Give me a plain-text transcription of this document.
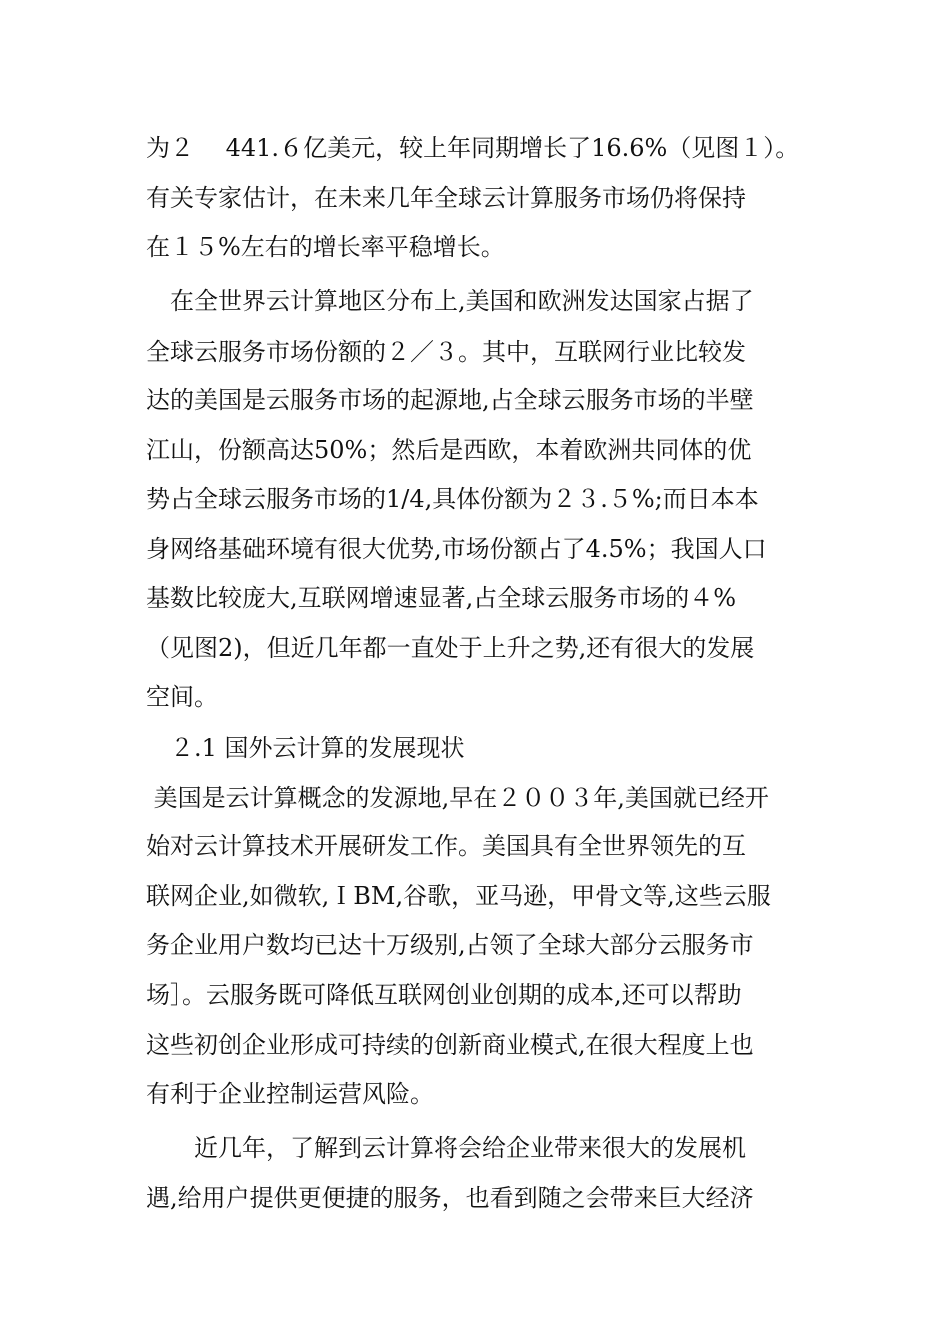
为２　 441.６亿美元，较上年同期增长了16.6%（见图１）。
有关专家估计，在未来几年全球云计算服务市场仍将保持
在１５%左右的增长率平稳增长。
　在全世界云计算地区分布上,美国和欧洲发达国家占据了
全球云服务市场份额的２／３。其中，互联网行业比较发
达的美国是云服务市场的起源地,占全球云服务市场的半壁
江山，份额高达50%；然后是西欧，本着欧洲共同体的优
势占全球云服务市场的1/4,具体份额为２３.５%;而日本本
身网络基础环境有很大优势,市场份额占了4.5%；我国人口
基数比较庞大,互联网增速显著,占全球云服务市场的４%
（见图2)，但近几年都一直处于上升之势,还有很大的发展
空间。
　２.1 国外云计算的发展现状
美国是云计算概念的发源地,早在２００３年,美国就已经开
始对云计算技术开展研发工作。美国具有全世界领先的互
联网企业,如微软,ＩBM,谷歌，亚马逊，甲骨文等,这些云服
务企业用户数均已达十万级别,占领了全球大部分云服务市
场］。云服务既可降低互联网创业创期的成本,还可以帮助
这些初创企业形成可持续的创新商业模式,在很大程度上也
有利于企业控制运营风险。
　　近几年，了解到云计算将会给企业带来很大的发展机
遇,给用户提供更便捷的服务，也看到随之会带来巨大经济
